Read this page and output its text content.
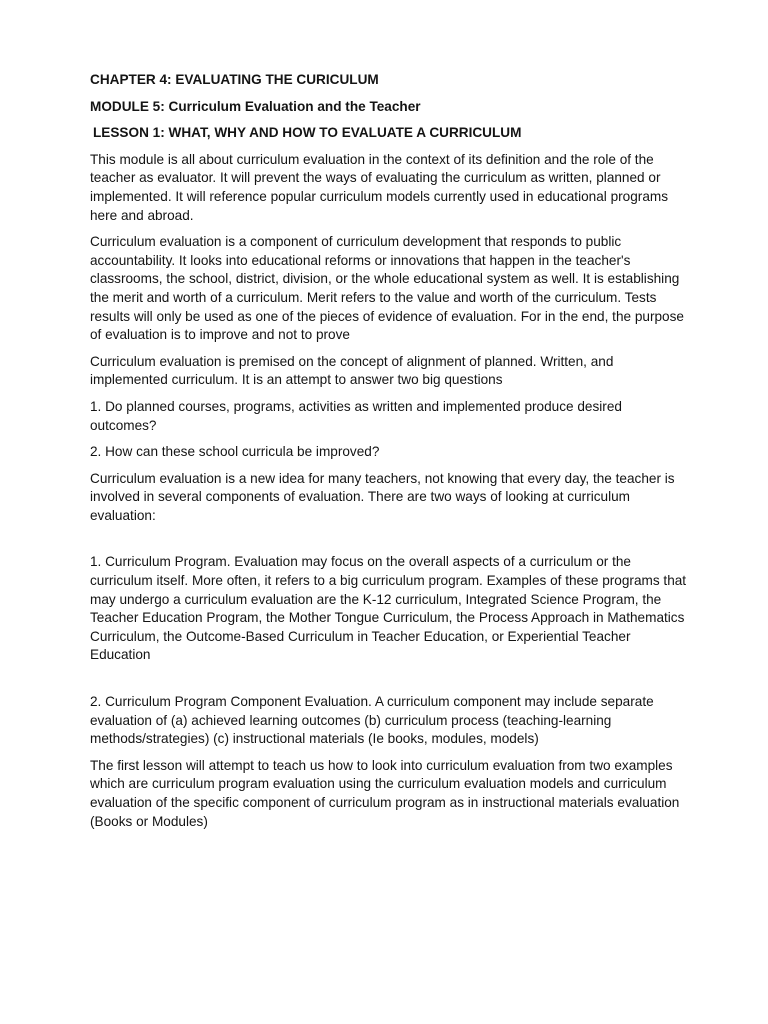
CHAPTER 4: EVALUATING THE CURICULUM
MODULE 5: Curriculum Evaluation and the Teacher
LESSON 1: WHAT, WHY AND HOW TO EVALUATE A CURRICULUM

This module is all about curriculum evaluation in the context of its definition and the role of the teacher as evaluator. It will prevent the ways of evaluating the curriculum as written, planned or implemented. It will reference popular curriculum models currently used in educational programs here and abroad.

Curriculum evaluation is a component of curriculum development that responds to public accountability. It looks into educational reforms or innovations that happen in the teacher's classrooms, the school, district, division, or the whole educational system as well. It is establishing the merit and worth of a curriculum. Merit refers to the value and worth of the curriculum. Tests results will only be used as one of the pieces of evidence of evaluation. For in the end, the purpose of evaluation is to improve and not to prove

Curriculum evaluation is premised on the concept of alignment of planned. Written, and implemented curriculum. It is an attempt to answer two big questions

1. Do planned courses, programs, activities as written and implemented produce desired outcomes?

2. How can these school curricula be improved?

Curriculum evaluation is a new idea for many teachers, not knowing that every day, the teacher is involved in several components of evaluation. There are two ways of looking at curriculum evaluation:

1. Curriculum Program. Evaluation may focus on the overall aspects of a curriculum or the curriculum itself. More often, it refers to a big curriculum program. Examples of these programs that may undergo a curriculum evaluation are the K-12 curriculum, Integrated Science Program, the Teacher Education Program, the Mother Tongue Curriculum, the Process Approach in Mathematics Curriculum, the Outcome-Based Curriculum in Teacher Education, or Experiential Teacher Education

2. Curriculum Program Component Evaluation. A curriculum component may include separate evaluation of (a) achieved learning outcomes (b) curriculum process (teaching-learning methods/strategies) (c) instructional materials (Ie books, modules, models)

The first lesson will attempt to teach us how to look into curriculum evaluation from two examples which are curriculum program evaluation using the curriculum evaluation models and curriculum evaluation of the specific component of curriculum program as in instructional materials evaluation (Books or Modules)
